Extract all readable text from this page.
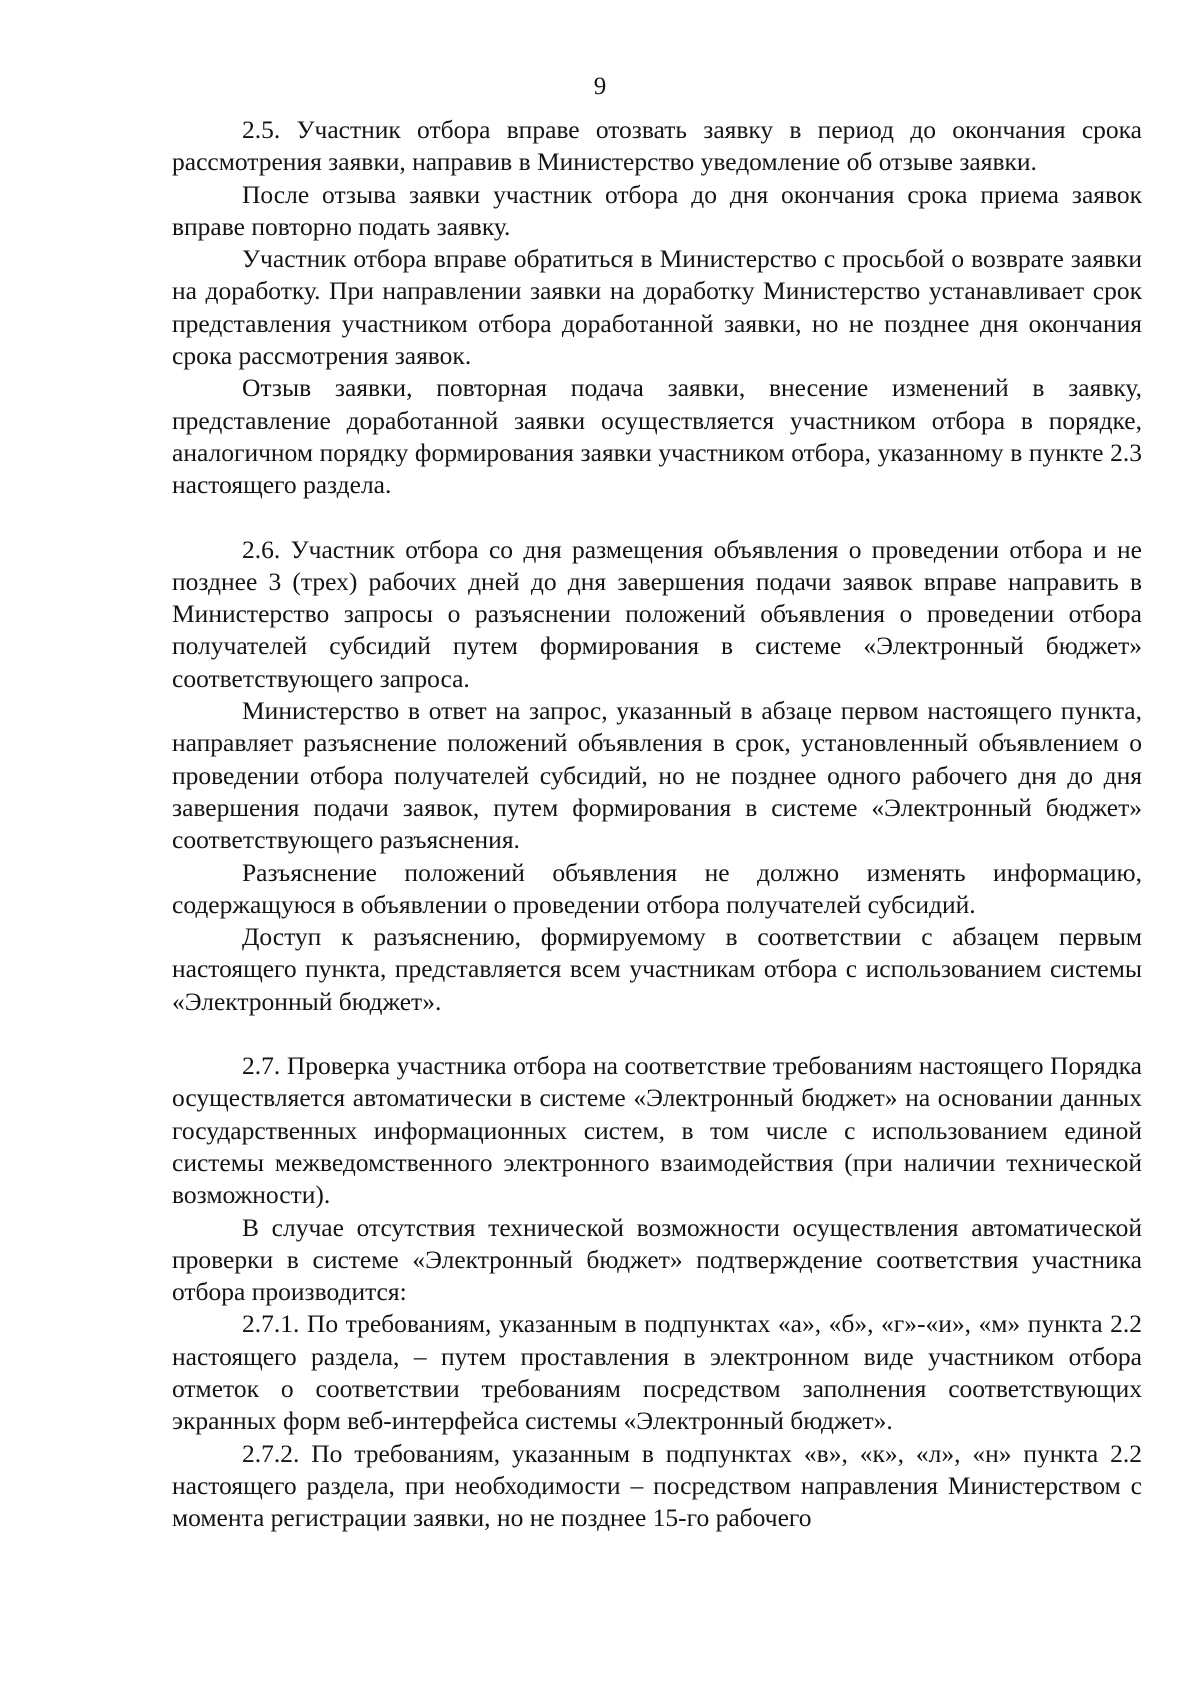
9

2.5. Участник отбора вправе отозвать заявку в период до окончания срока рассмотрения заявки, направив в Министерство уведомление об отзыве заявки.

После отзыва заявки участник отбора до дня окончания срока приема заявок вправе повторно подать заявку.

Участник отбора вправе обратиться в Министерство с просьбой о возврате заявки на доработку. При направлении заявки на доработку Министерство устанавливает срок представления участником отбора доработанной заявки, но не позднее дня окончания срока рассмотрения заявок.

Отзыв заявки, повторная подача заявки, внесение изменений в заявку, представление доработанной заявки осуществляется участником отбора в порядке, аналогичном порядку формирования заявки участником отбора, указанному в пункте 2.3 настоящего раздела.

2.6. Участник отбора со дня размещения объявления о проведении отбора и не позднее 3 (трех) рабочих дней до дня завершения подачи заявок вправе направить в Министерство запросы о разъяснении положений объявления о проведении отбора получателей субсидий путем формирования в системе «Электронный бюджет» соответствующего запроса.

Министерство в ответ на запрос, указанный в абзаце первом настоящего пункта, направляет разъяснение положений объявления в срок, установленный объявлением о проведении отбора получателей субсидий, но не позднее одного рабочего дня до дня завершения подачи заявок, путем формирования в системе «Электронный бюджет» соответствующего разъяснения.

Разъяснение положений объявления не должно изменять информацию, содержащуюся в объявлении о проведении отбора получателей субсидий.

Доступ к разъяснению, формируемому в соответствии с абзацем первым настоящего пункта, представляется всем участникам отбора с использованием системы «Электронный бюджет».

2.7. Проверка участника отбора на соответствие требованиям настоящего Порядка осуществляется автоматически в системе «Электронный бюджет» на основании данных государственных информационных систем, в том числе с использованием единой системы межведомственного электронного взаимодействия (при наличии технической возможности).

В случае отсутствия технической возможности осуществления автоматической проверки в системе «Электронный бюджет» подтверждение соответствия участника отбора производится:

2.7.1. По требованиям, указанным в подпунктах «а», «б», «г»-«и», «м» пункта 2.2 настоящего раздела, – путем проставления в электронном виде участником отбора отметок о соответствии требованиям посредством заполнения соответствующих экранных форм веб-интерфейса системы «Электронный бюджет».

2.7.2. По требованиям, указанным в подпунктах «в», «к», «л», «н» пункта 2.2 настоящего раздела, при необходимости – посредством направления Министерством с момента регистрации заявки, но не позднее 15-го рабочего
